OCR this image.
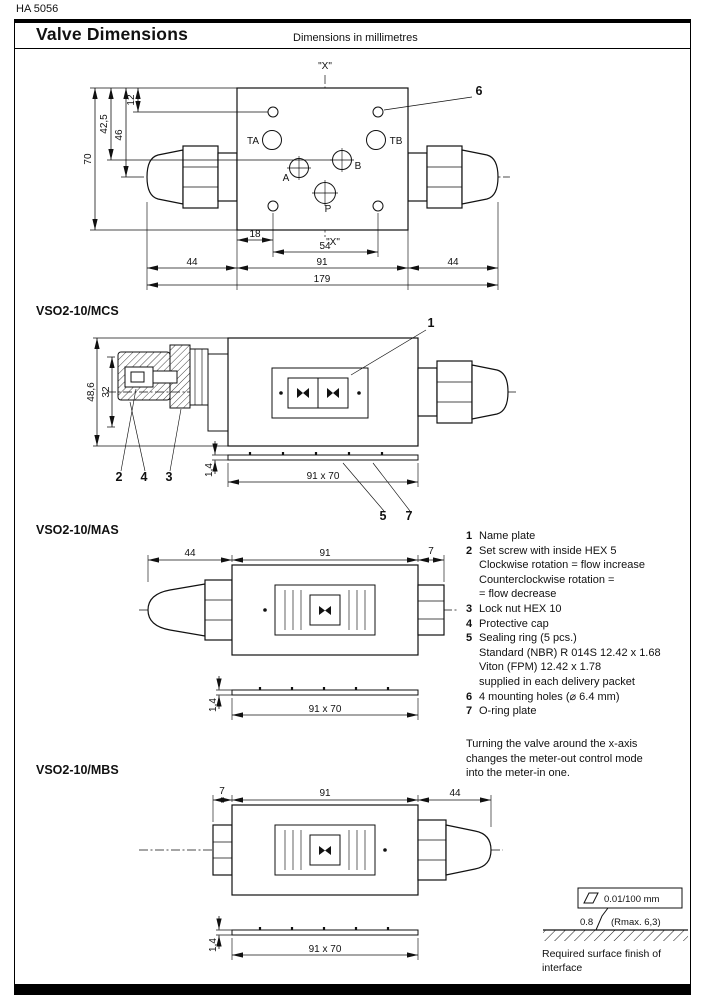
HA 5056
Valve Dimensions	Dimensions in millimetres
TA	TB
A
B
P
"X"
"X"
6
70
42,5
46
12
18
54
44	91	44
179
VSO2-10/MCS
1
2 4 3
48,6 32
1,4	91 x 70
5 7
VSO2-10/MAS
44	91	7
1,4	91 x 70
VSO2-10/MBS
7	91	44
1,4	91 x 70
1 Name plate
2 Set screw with inside HEX 5
Clockwise rotation = flow increase
Counterclockwise rotation =
= flow decrease
3 Lock nut HEX 10
4 Protective cap
5 Sealing ring (5 pcs.)
Standard (NBR) R 014S 12.42 x 1.68
Viton (FPM) 12.42 x 1.78
supplied in each delivery packet
6 4 mounting holes (⌀ 6.4 mm)
7 O-ring plate
Turning the valve around the x-axis
changes the meter-out control mode
into the meter-in one.
0.01/100 mm
0.8 (Rmax. 6,3)
Required surface finish of
interface
